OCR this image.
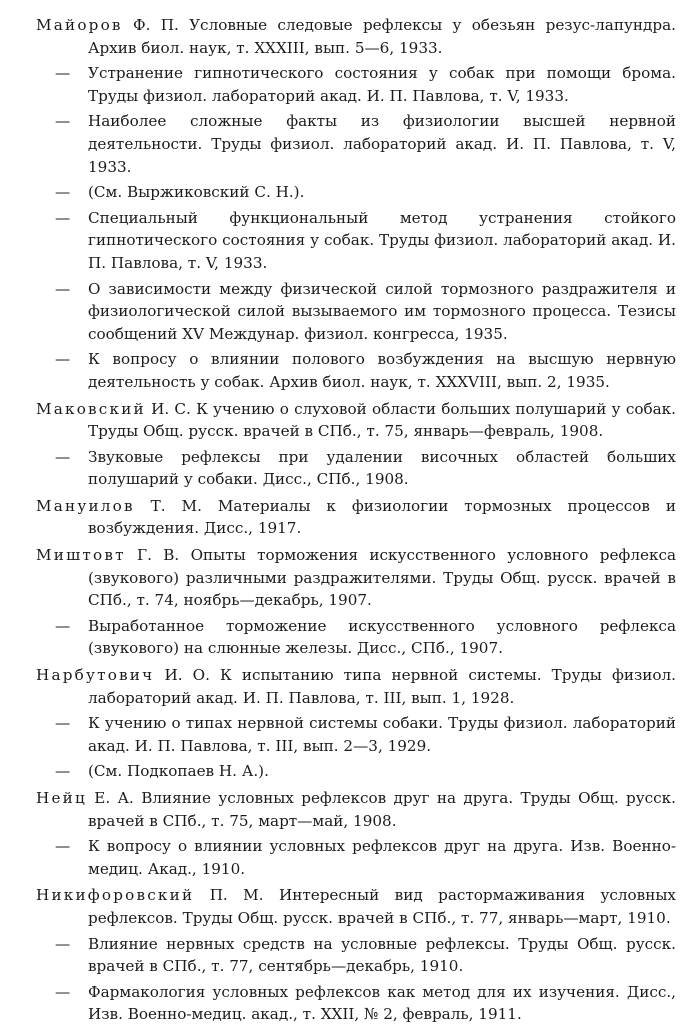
Майоров Ф. П. Условные следовые рефлексы у обезьян резус-лапундра. Архив биол. наук, т. XXXIII, вып. 5—6, 1933.

—	Устранение гипнотического состояния у собак при помощи брома. Труды физиол. лабораторий акад. И. П. Павлова, т. V, 1933.

—	Наиболее сложные факты из физиологии высшей нервной деятельности. Труды физиол. лабораторий акад. И. П. Павлова, т. V, 1933.

—	(См. Выржиковский С. Н.).

—	Специальный функциональный метод устранения стойкого гипнотического состояния у собак. Труды физиол. лабораторий акад. И. П. Павлова, т. V, 1933.

—	О зависимости между физической силой тормозного раздражителя и физиологической силой вызываемого им тормозного процесса. Тезисы сообщений XV Междунар. физиол. конгресса, 1935.

—	К вопросу о влиянии полового возбуждения на высшую нервную деятельность у собак. Архив биол. наук, т. XXXVIII, вып. 2, 1935.

Маковский И. С. К учению о слуховой области больших полушарий у собак. Труды Общ. русск. врачей в СПб., т. 75, январь—февраль, 1908.

—	Звуковые рефлексы при удалении височных областей больших полушарий у собаки. Дисс., СПб., 1908.

Мануилов Т. М. Материалы к физиологии тормозных процессов и возбуждения. Дисс., 1917.

Миштовт Г. В. Опыты торможения искусственного условного рефлекса (звукового) различными раздражителями. Труды Общ. русск. врачей в СПб., т. 74, ноябрь—декабрь, 1907.

—	Выработанное торможение искусственного условного рефлекса (звукового) на слюнные железы. Дисс., СПб., 1907.

Нарбутович И. О. К испытанию типа нервной системы. Труды физиол. лабораторий акад. И. П. Павлова, т. III, вып. 1, 1928.

—	К учению о типах нервной системы собаки. Труды физиол. лабораторий акад. И. П. Павлова, т. III, вып. 2—3, 1929.

—	(См. Подкопаев Н. А.).

Нейц Е. А. Влияние условных рефлексов друг на друга. Труды Общ. русск. врачей в СПб., т. 75, март—май, 1908.

—	К вопросу о влиянии условных рефлексов друг на друга. Изв. Военно-медиц. Акад., 1910.

Никифоровский П. М. Интересный вид растормаживания условных рефлексов. Труды Общ. русск. врачей в СПб., т. 77, январь—март, 1910.

—	Влияние нервных средств на условные рефлексы. Труды Общ. русск. врачей в СПб., т. 77, сентябрь—декабрь, 1910.

—	Фармакология условных рефлексов как метод для их изучения. Дисс., Изв. Военно-медиц. акад., т. XXII, № 2, февраль, 1911.
